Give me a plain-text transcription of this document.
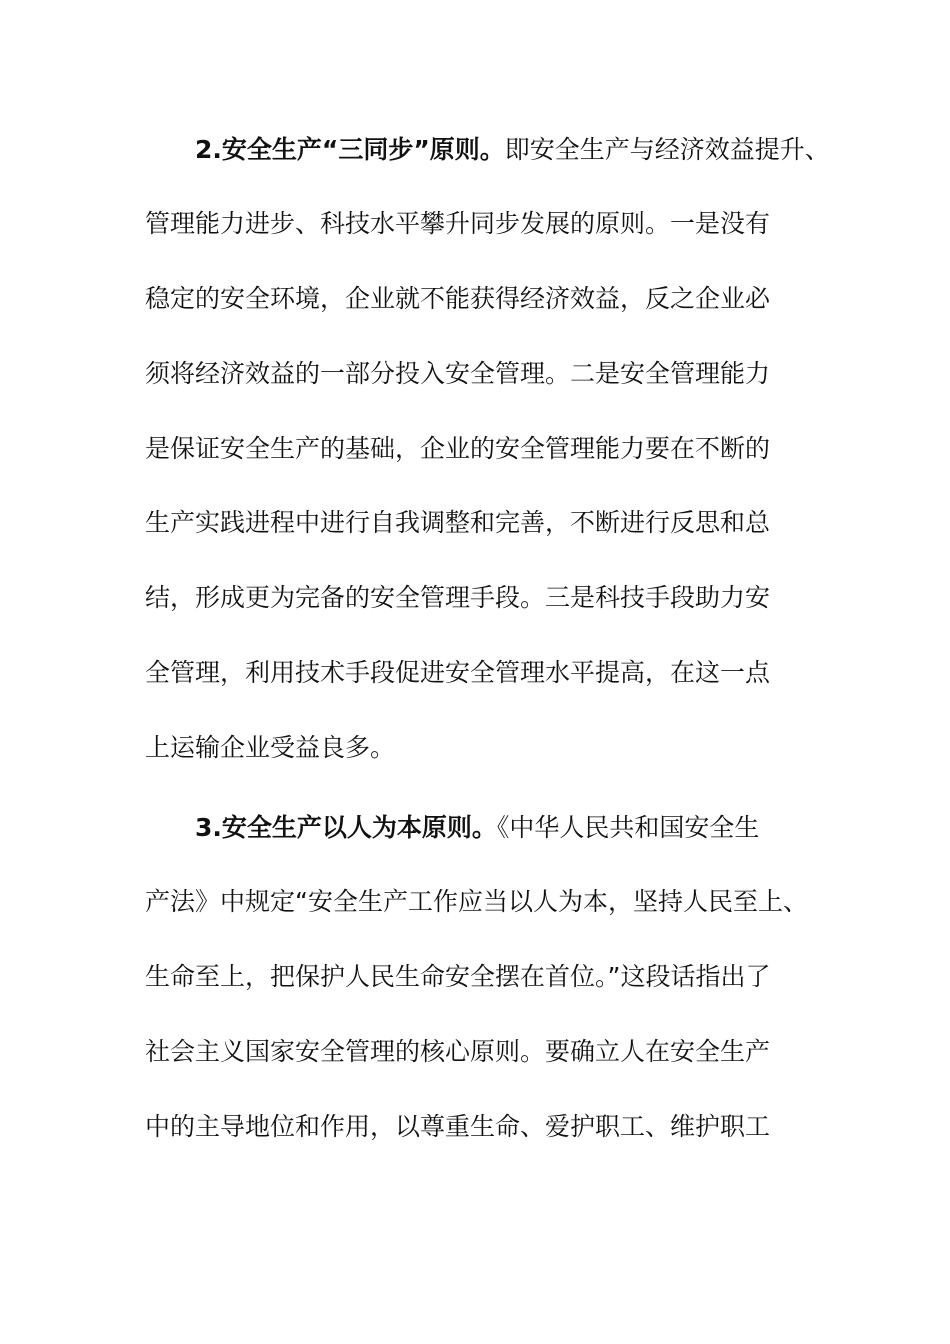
2.安全生产“三同步”原则。即安全生产与经济效益提升、
管理能力进步、科技水平攀升同步发展的原则。一是没有
稳定的安全环境，企业就不能获得经济效益，反之企业必
须将经济效益的一部分投入安全管理。二是安全管理能力
是保证安全生产的基础，企业的安全管理能力要在不断的
生产实践进程中进行自我调整和完善，不断进行反思和总
结，形成更为完备的安全管理手段。三是科技手段助力安
全管理，利用技术手段促进安全管理水平提高，在这一点
上运输企业受益良多。
3.安全生产以人为本原则。《中华人民共和国安全生
产法》中规定“安全生产工作应当以人为本，坚持人民至上、
生命至上，把保护人民生命安全摆在首位。”这段话指出了
社会主义国家安全管理的核心原则。要确立人在安全生产
中的主导地位和作用，以尊重生命、爱护职工、维护职工
